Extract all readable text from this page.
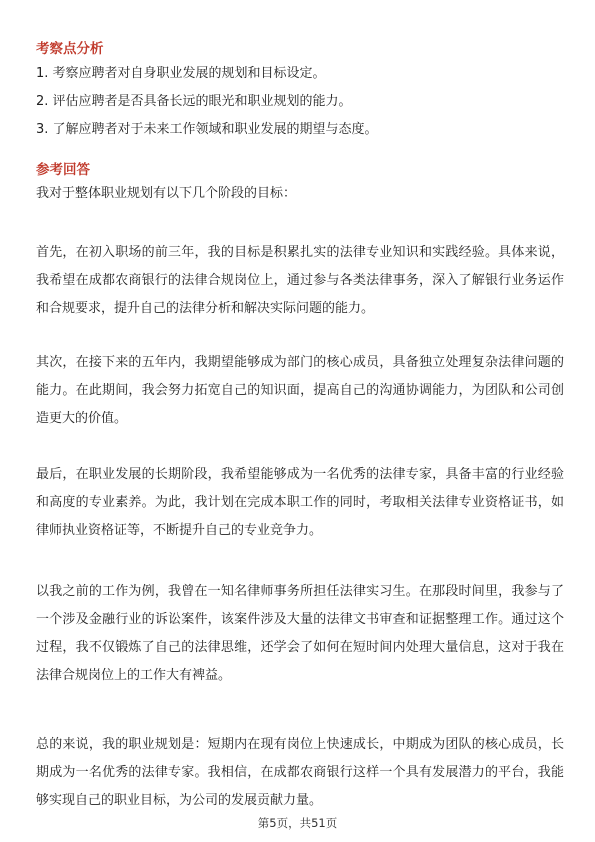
考察点分析
1. 考察应聘者对自身职业发展的规划和目标设定。
2. 评估应聘者是否具备长远的眼光和职业规划的能力。
3. 了解应聘者对于未来工作领域和职业发展的期望与态度。
参考回答

我对于整体职业规划有以下几个阶段的目标：

首先，在初入职场的前三年，我的目标是积累扎实的法律专业知识和实践经验。具体来说，我希望在成都农商银行的法律合规岗位上，通过参与各类法律事务，深入了解银行业务运作和合规要求，提升自己的法律分析和解决实际问题的能力。

其次，在接下来的五年内，我期望能够成为部门的核心成员，具备独立处理复杂法律问题的能力。在此期间，我会努力拓宽自己的知识面，提高自己的沟通协调能力，为团队和公司创造更大的价值。

最后，在职业发展的长期阶段，我希望能够成为一名优秀的法律专家，具备丰富的行业经验和高度的专业素养。为此，我计划在完成本职工作的同时，考取相关法律专业资格证书，如律师执业资格证等，不断提升自己的专业竞争力。

以我之前的工作为例，我曾在一知名律师事务所担任法律实习生。在那段时间里，我参与了一个涉及金融行业的诉讼案件，该案件涉及大量的法律文书审查和证据整理工作。通过这个过程，我不仅锻炼了自己的法律思维，还学会了如何在短时间内处理大量信息，这对于我在法律合规岗位上的工作大有裨益。

总的来说，我的职业规划是：短期内在现有岗位上快速成长，中期成为团队的核心成员，长期成为一名优秀的法律专家。我相信，在成都农商银行这样一个具有发展潜力的平台，我能够实现自己的职业目标，为公司的发展贡献力量。

第5页，共51页
